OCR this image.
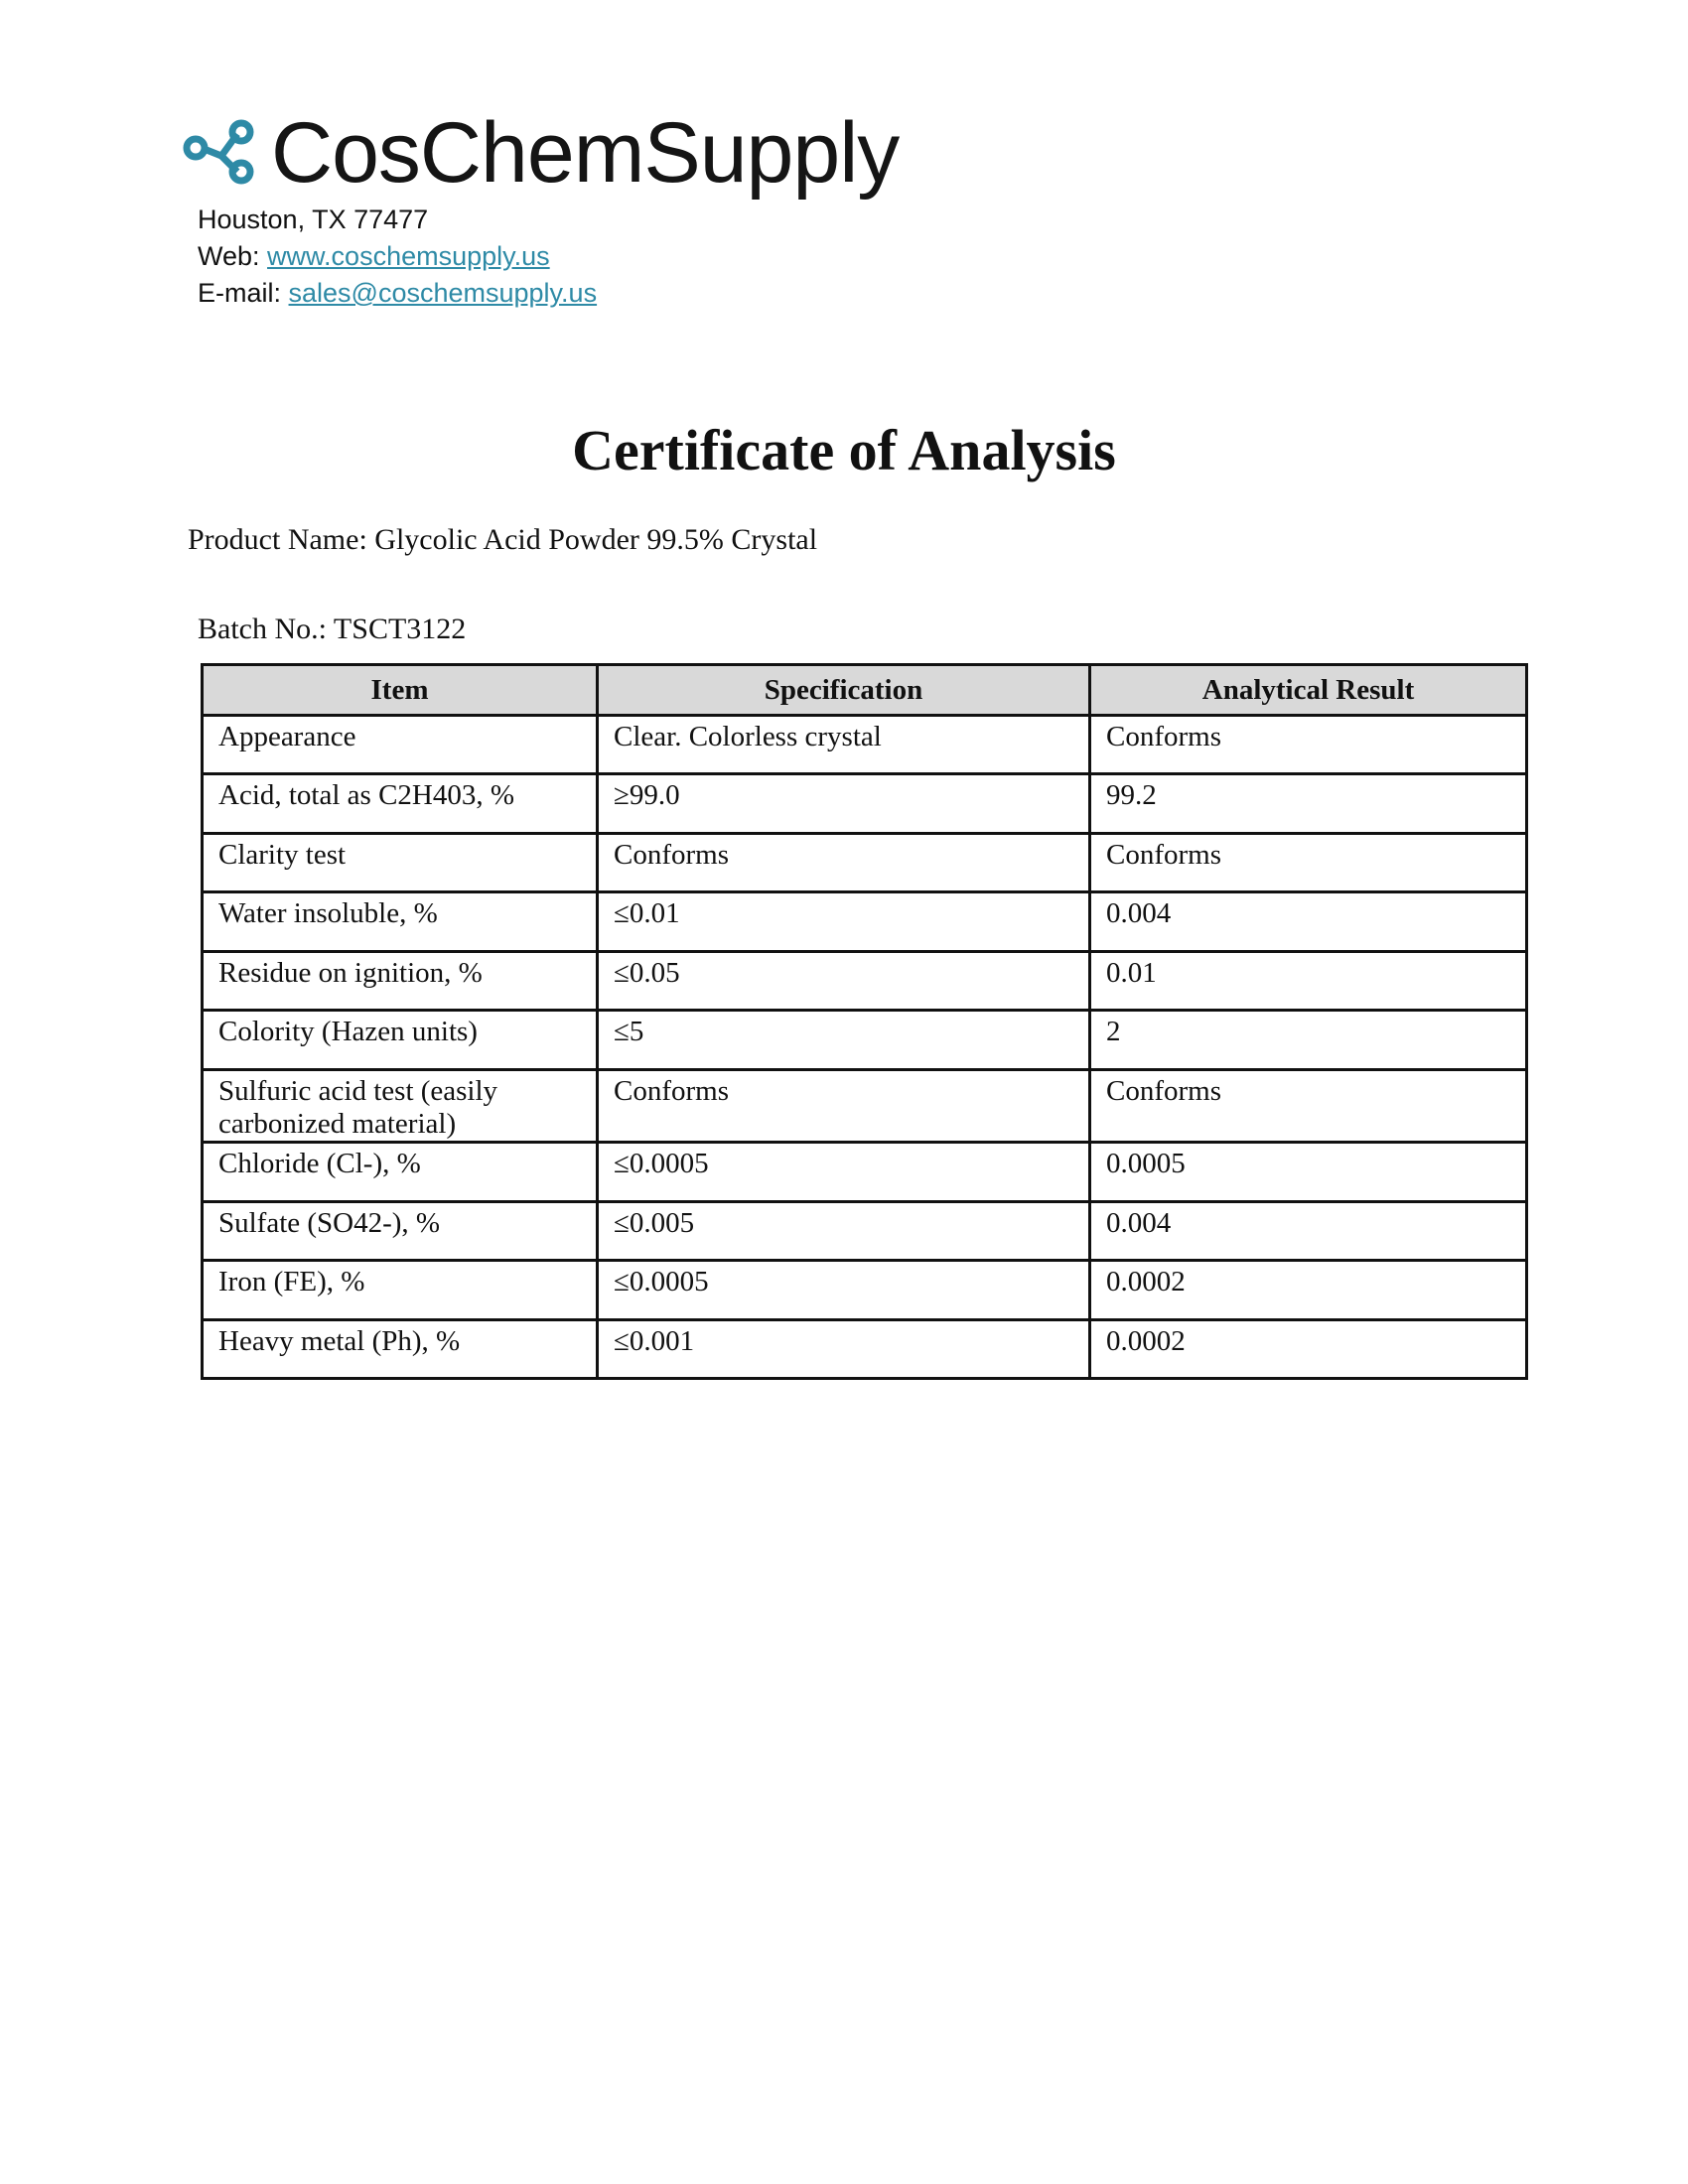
CosChemSupply
Houston, TX 77477
Web: www.coschemsupply.us
E-mail: sales@coschemsupply.us
Certificate of Analysis
Product Name: Glycolic Acid Powder 99.5% Crystal
Batch No.: TSCT3122
Item	Specification	Analytical Result
Appearance	Clear. Colorless crystal	Conforms
Acid, total as C2H403, %	≥99.0	99.2
Clarity test	Conforms	Conforms
Water insoluble, %	≤0.01	0.004
Residue on ignition, %	≤0.05	0.01
Colority (Hazen units)	≤5	2
Sulfuric acid test (easily carbonized material)	Conforms	Conforms
Chloride (Cl-), %	≤0.0005	0.0005
Sulfate (SO42-), %	≤0.005	0.004
Iron (FE), %	≤0.0005	0.0002
Heavy metal (Ph), %	≤0.001	0.0002
